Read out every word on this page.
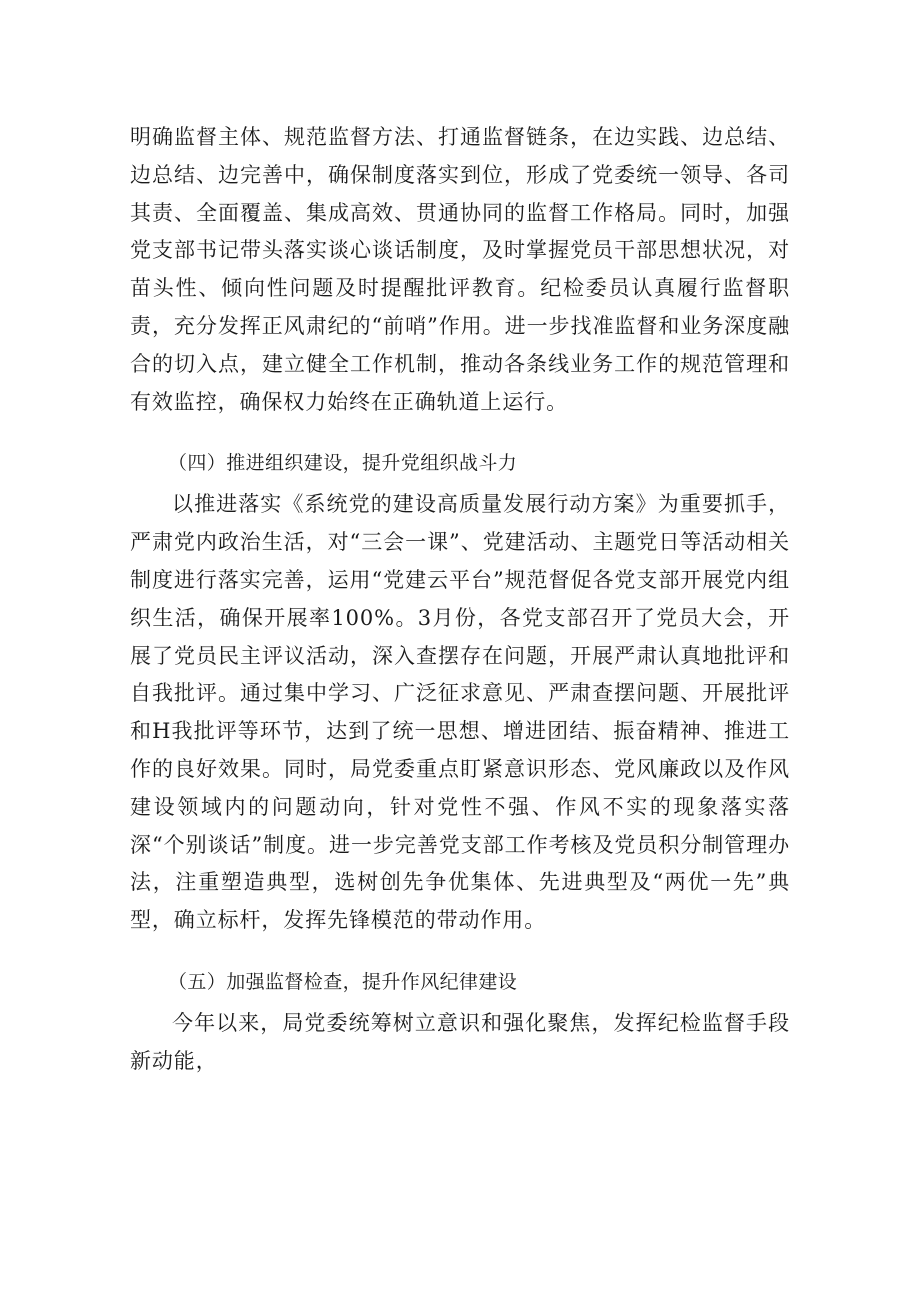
明确监督主体、规范监督方法、打通监督链条，在边实践、边总结、边总结、边完善中，确保制度落实到位，形成了党委统一领导、各司其责、全面覆盖、集成高效、贯通协同的监督工作格局。同时，加强党支部书记带头落实谈心谈话制度，及时掌握党员干部思想状况，对苗头性、倾向性问题及时提醒批评教育。纪检委员认真履行监督职责，充分发挥正风肃纪的“前哨”作用。进一步找准监督和业务深度融合的切入点，建立健全工作机制，推动各条线业务工作的规范管理和有效监控，确保权力始终在正确轨道上运行。

（四）推进组织建设，提升党组织战斗力

以推进落实《系统党的建设高质量发展行动方案》为重要抓手，严肃党内政治生活，对“三会一课”、党建活动、主题党日等活动相关制度进行落实完善，运用“党建云平台”规范督促各党支部开展党内组织生活，确保开展率100%。3月份，各党支部召开了党员大会，开展了党员民主评议活动，深入查摆存在问题，开展严肃认真地批评和自我批评。通过集中学习、广泛征求意见、严肃查摆问题、开展批评和H我批评等环节，达到了统一思想、增进团结、振奋精神、推进工作的良好效果。同时，局党委重点盯紧意识形态、党风廉政以及作风建设领域内的问题动向，针对党性不强、作风不实的现象落实落深“个别谈话”制度。进一步完善党支部工作考核及党员积分制管理办法，注重塑造典型，选树创先争优集体、先进典型及“两优一先”典型，确立标杆，发挥先锋模范的带动作用。

（五）加强监督检查，提升作风纪律建设

今年以来，局党委统筹树立意识和强化聚焦，发挥纪检监督手段新动能，
